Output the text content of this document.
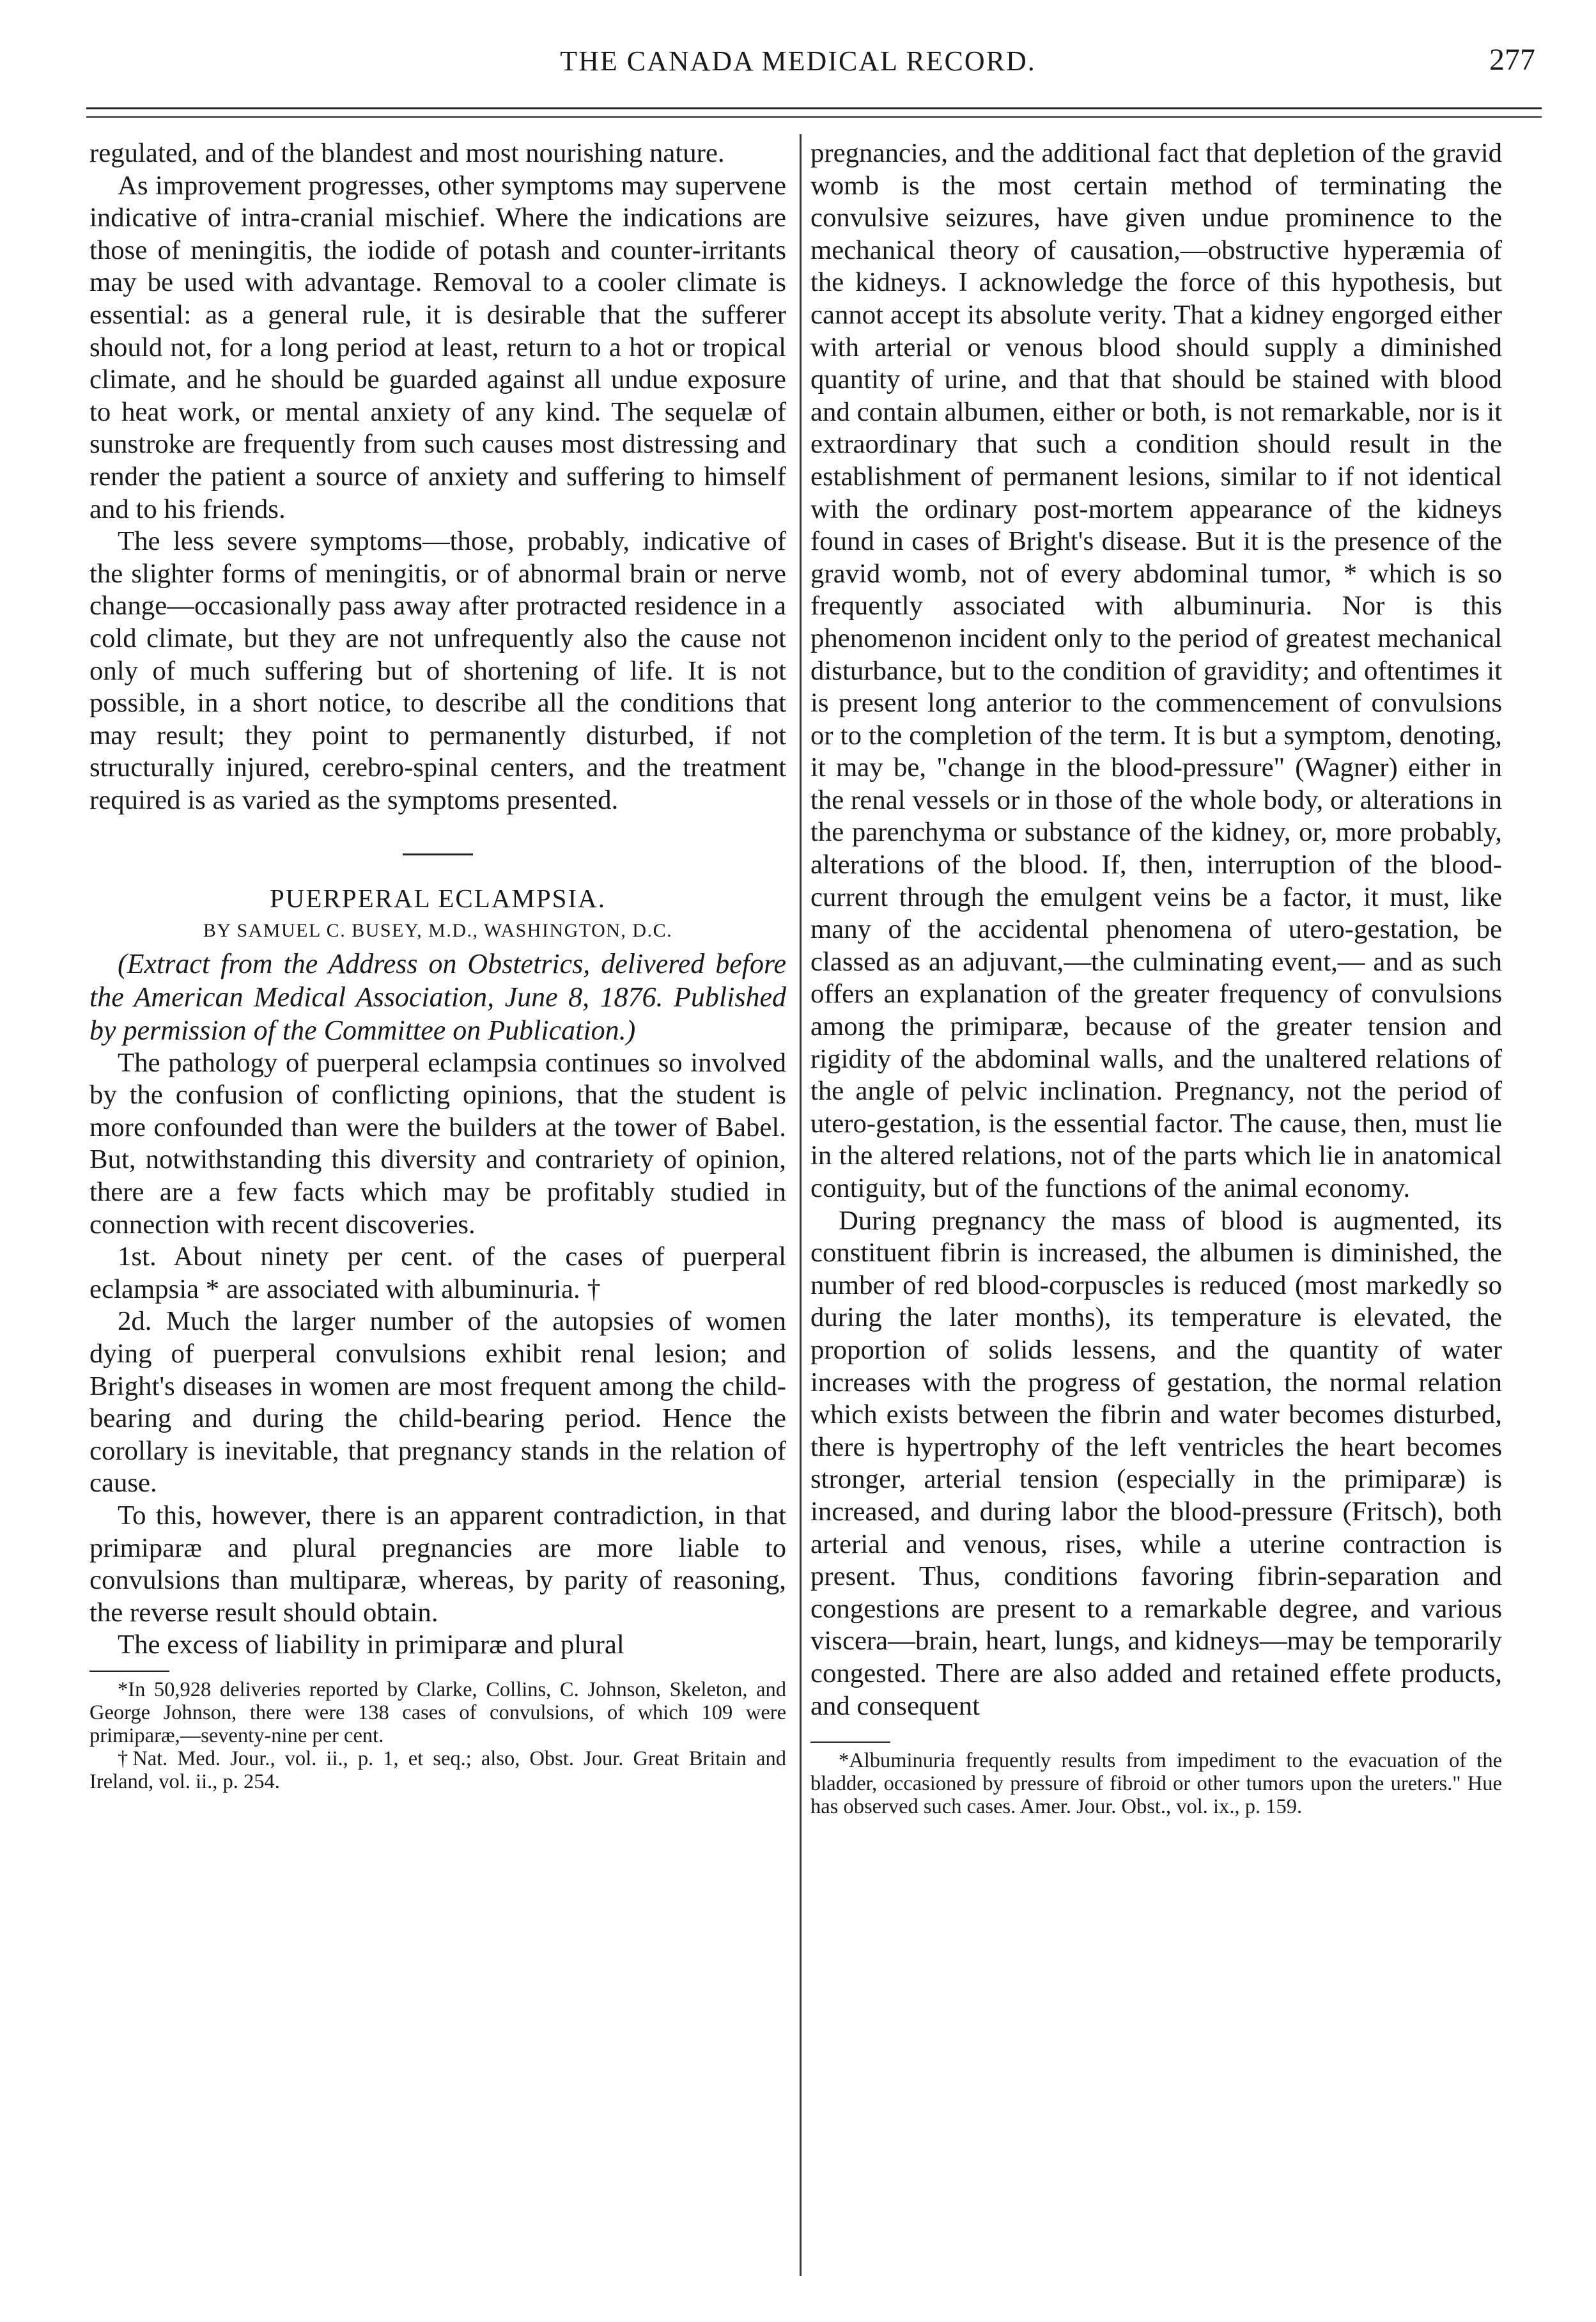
THE CANADA MEDICAL RECORD.	277

regulated, and of the blandest and most nourishing nature.

As improvement progresses, other symptoms may supervene indicative of intra-cranial mischief. Where the indications are those of meningitis, the iodide of potash and counter-irritants may be used with advantage. Removal to a cooler climate is essential: as a general rule, it is desirable that the sufferer should not, for a long period at least, return to a hot or tropical climate, and he should be guarded against all undue exposure to heat work, or mental anxiety of any kind. The sequelæ of sunstroke are frequently from such causes most distressing and render the patient a source of anxiety and suffering to himself and to his friends.

The less severe symptoms—those, probably, indicative of the slighter forms of meningitis, or of abnormal brain or nerve change—occasionally pass away after protracted residence in a cold climate, but they are not unfrequently also the cause not only of much suffering but of shortening of life. It is not possible, in a short notice, to describe all the conditions that may result; they point to permanently disturbed, if not structurally injured, cerebro-spinal centers, and the treatment required is as varied as the symptoms presented.

PUERPERAL ECLAMPSIA.

BY SAMUEL C. BUSEY, M.D., WASHINGTON, D.C.

(Extract from the Address on Obstetrics, delivered before the American Medical Association, June 8, 1876. Published by permission of the Committee on Publication.)

The pathology of puerperal eclampsia continues so involved by the confusion of conflicting opinions, that the student is more confounded than were the builders at the tower of Babel. But, notwithstanding this diversity and contrariety of opinion, there are a few facts which may be profitably studied in connection with recent discoveries.

1st. About ninety per cent. of the cases of puerperal eclampsia * are associated with albuminuria. †

2d. Much the larger number of the autopsies of women dying of puerperal convulsions exhibit renal lesion; and Bright's diseases in women are most frequent among the child-bearing and during the child-bearing period. Hence the corollary is inevitable, that pregnancy stands in the relation of cause.

To this, however, there is an apparent contradiction, in that primiparæ and plural pregnancies are more liable to convulsions than multiparæ, whereas, by parity of reasoning, the reverse result should obtain.

The excess of liability in primiparæ and plural

*In 50,928 deliveries reported by Clarke, Collins, C. Johnson, Skeleton, and George Johnson, there were 138 cases of convulsions, of which 109 were primiparæ,—seventy-nine per cent.

†Nat. Med. Jour., vol. ii., p. 1, et seq.; also, Obst. Jour. Great Britain and Ireland, vol. ii., p. 254.

pregnancies, and the additional fact that depletion of the gravid womb is the most certain method of terminating the convulsive seizures, have given undue prominence to the mechanical theory of causation,—obstructive hyperæmia of the kidneys. I acknowledge the force of this hypothesis, but cannot accept its absolute verity. That a kidney engorged either with arterial or venous blood should supply a diminished quantity of urine, and that that should be stained with blood and contain albumen, either or both, is not remarkable, nor is it extraordinary that such a condition should result in the establishment of permanent lesions, similar to if not identical with the ordinary post-mortem appearance of the kidneys found in cases of Bright's disease. But it is the presence of the gravid womb, not of every abdominal tumor, * which is so frequently associated with albuminuria. Nor is this phenomenon incident only to the period of greatest mechanical disturbance, but to the condition of gravidity; and oftentimes it is present long anterior to the commencement of convulsions or to the completion of the term. It is but a symptom, denoting, it may be, "change in the blood-pressure" (Wagner) either in the renal vessels or in those of the whole body, or alterations in the parenchyma or substance of the kidney, or, more probably, alterations of the blood. If, then, interruption of the blood-current through the emulgent veins be a factor, it must, like many of the accidental phenomena of utero-gestation, be classed as an adjuvant,—the culminating event,— and as such offers an explanation of the greater frequency of convulsions among the primiparæ, because of the greater tension and rigidity of the abdominal walls, and the unaltered relations of the angle of pelvic inclination. Pregnancy, not the period of utero-gestation, is the essential factor. The cause, then, must lie in the altered relations, not of the parts which lie in anatomical contiguity, but of the functions of the animal economy.

During pregnancy the mass of blood is augmented, its constituent fibrin is increased, the albumen is diminished, the number of red blood-corpuscles is reduced (most markedly so during the later months), its temperature is elevated, the proportion of solids lessens, and the quantity of water increases with the progress of gestation, the normal relation which exists between the fibrin and water becomes disturbed, there is hypertrophy of the left ventricles the heart becomes stronger, arterial tension (especially in the primiparæ) is increased, and during labor the blood-pressure (Fritsch), both arterial and venous, rises, while a uterine contraction is present. Thus, conditions favoring fibrin-separation and congestions are present to a remarkable degree, and various viscera—brain, heart, lungs, and kidneys—may be temporarily congested. There are also added and retained effete products, and consequent

*Albuminuria frequently results from impediment to the evacuation of the bladder, occasioned by pressure of fibroid or other tumors upon the ureters." Hue has observed such cases. Amer. Jour. Obst., vol. ix., p. 159.
